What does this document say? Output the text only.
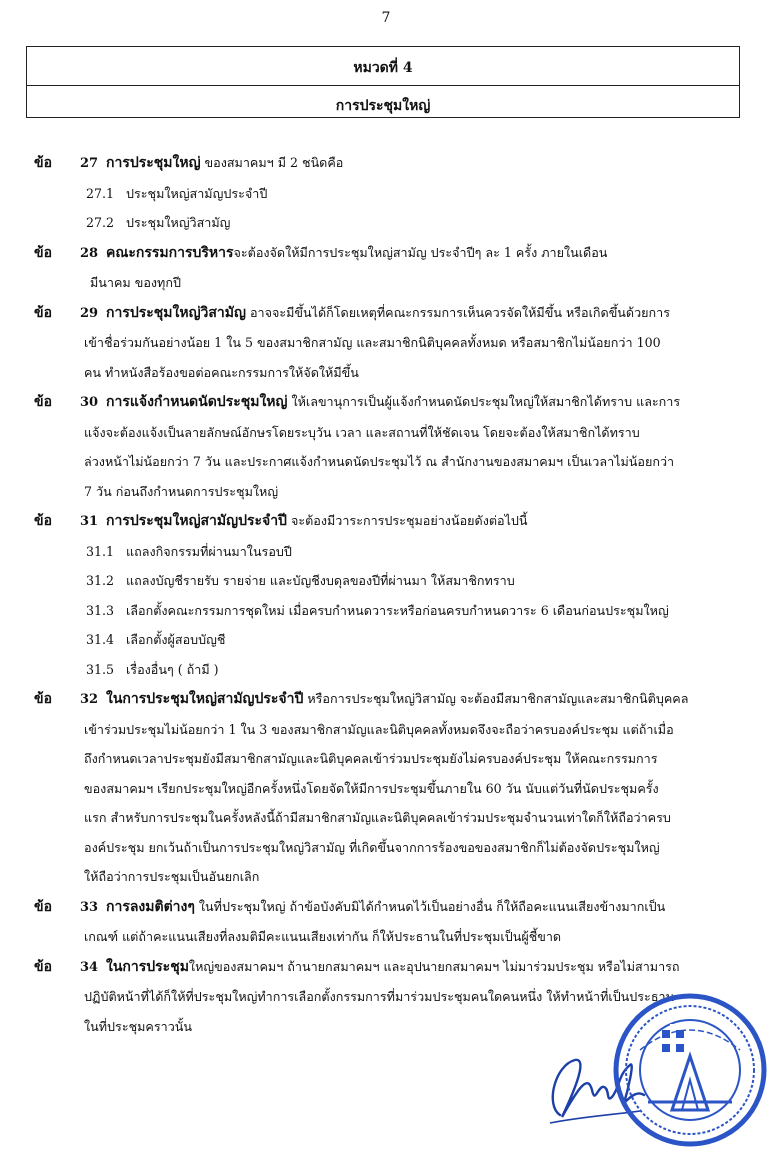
7
หมวดที่ 4
การประชุมใหญ่
ข้อ 27 การประชุมใหญ่ ของสมาคมฯ มี 2 ชนิดคือ
27.1 ประชุมใหญ่สามัญประจำปี
27.2 ประชุมใหญ่วิสามัญ
ข้อ 28 คณะกรรมการบริหารจะต้องจัดให้มีการประชุมใหญ่สามัญ ประจำปีๆ ละ 1 ครั้ง ภายในเดือน
มีนาคม ของทุกปี
ข้อ 29 การประชุมใหญ่วิสามัญ อาจจะมีขึ้นได้ก็โดยเหตุที่คณะกรรมการเห็นควรจัดให้มีขึ้น หรือเกิดขึ้นด้วยการ
เข้าชื่อร่วมกันอย่างน้อย 1 ใน 5 ของสมาชิกสามัญ และสมาชิกนิติบุคคลทั้งหมด หรือสมาชิกไม่น้อยกว่า 100
คน ทำหนังสือร้องขอต่อคณะกรรมการให้จัดให้มีขึ้น
ข้อ 30 การแจ้งกำหนดนัดประชุมใหญ่ ให้เลขานุการเป็นผู้แจ้งกำหนดนัดประชุมใหญ่ให้สมาชิกได้ทราบ และการ
แจ้งจะต้องแจ้งเป็นลายลักษณ์อักษรโดยระบุวัน เวลา และสถานที่ให้ชัดเจน โดยจะต้องให้สมาชิกได้ทราบ
ล่วงหน้าไม่น้อยกว่า 7 วัน และประกาศแจ้งกำหนดนัดประชุมไว้ ณ สำนักงานของสมาคมฯ เป็นเวลาไม่น้อยกว่า
7 วัน ก่อนถึงกำหนดการประชุมใหญ่
ข้อ 31 การประชุมใหญ่สามัญประจำปี จะต้องมีวาระการประชุมอย่างน้อยดังต่อไปนี้
31.1 แถลงกิจกรรมที่ผ่านมาในรอบปี
31.2 แถลงบัญชีรายรับ รายจ่าย และบัญชีงบดุลของปีที่ผ่านมา ให้สมาชิกทราบ
31.3 เลือกตั้งคณะกรรมการชุดใหม่ เมื่อครบกำหนดวาระหรือก่อนครบกำหนดวาระ 6 เดือนก่อนประชุมใหญ่
31.4 เลือกตั้งผู้สอบบัญชี
31.5 เรื่องอื่นๆ ( ถ้ามี )
ข้อ 32 ในการประชุมใหญ่สามัญประจำปี หรือการประชุมใหญ่วิสามัญ จะต้องมีสมาชิกสามัญและสมาชิกนิติบุคคล
เข้าร่วมประชุมไม่น้อยกว่า 1 ใน 3 ของสมาชิกสามัญและนิติบุคคลทั้งหมดจึงจะถือว่าครบองค์ประชุม แต่ถ้าเมื่อ
ถึงกำหนดเวลาประชุมยังมีสมาชิกสามัญและนิติบุคคลเข้าร่วมประชุมยังไม่ครบองค์ประชุม ให้คณะกรรมการ
ของสมาคมฯ เรียกประชุมใหญ่อีกครั้งหนึ่งโดยจัดให้มีการประชุมขึ้นภายใน 60 วัน นับแต่วันที่นัดประชุมครั้ง
แรก สำหรับการประชุมในครั้งหลังนี้ถ้ามีสมาชิกสามัญและนิติบุคคลเข้าร่วมประชุมจำนวนเท่าใดก็ให้ถือว่าครบ
องค์ประชุม ยกเว้นถ้าเป็นการประชุมใหญ่วิสามัญ ที่เกิดขึ้นจากการร้องขอของสมาชิกก็ไม่ต้องจัดประชุมใหญ่
ให้ถือว่าการประชุมเป็นอันยกเลิก
ข้อ 33 การลงมติต่างๆ ในที่ประชุมใหญ่ ถ้าข้อบังคับมิได้กำหนดไว้เป็นอย่างอื่น ก็ให้ถือคะแนนเสียงข้างมากเป็น
เกณฑ์ แต่ถ้าคะแนนเสียงที่ลงมติมีคะแนนเสียงเท่ากัน ก็ให้ประธานในที่ประชุมเป็นผู้ชี้ขาด
ข้อ 34 ในการประชุมใหญ่ของสมาคมฯ ถ้านายกสมาคมฯ และอุปนายกสมาคมฯ ไม่มาร่วมประชุม หรือไม่สามารถ
ปฏิบัติหน้าที่ได้ก็ให้ที่ประชุมใหญ่ทำการเลือกตั้งกรรมการที่มาร่วมประชุมคนใดคนหนึ่ง ให้ทำหน้าที่เป็นประธาน
ในที่ประชุมคราวนั้น
